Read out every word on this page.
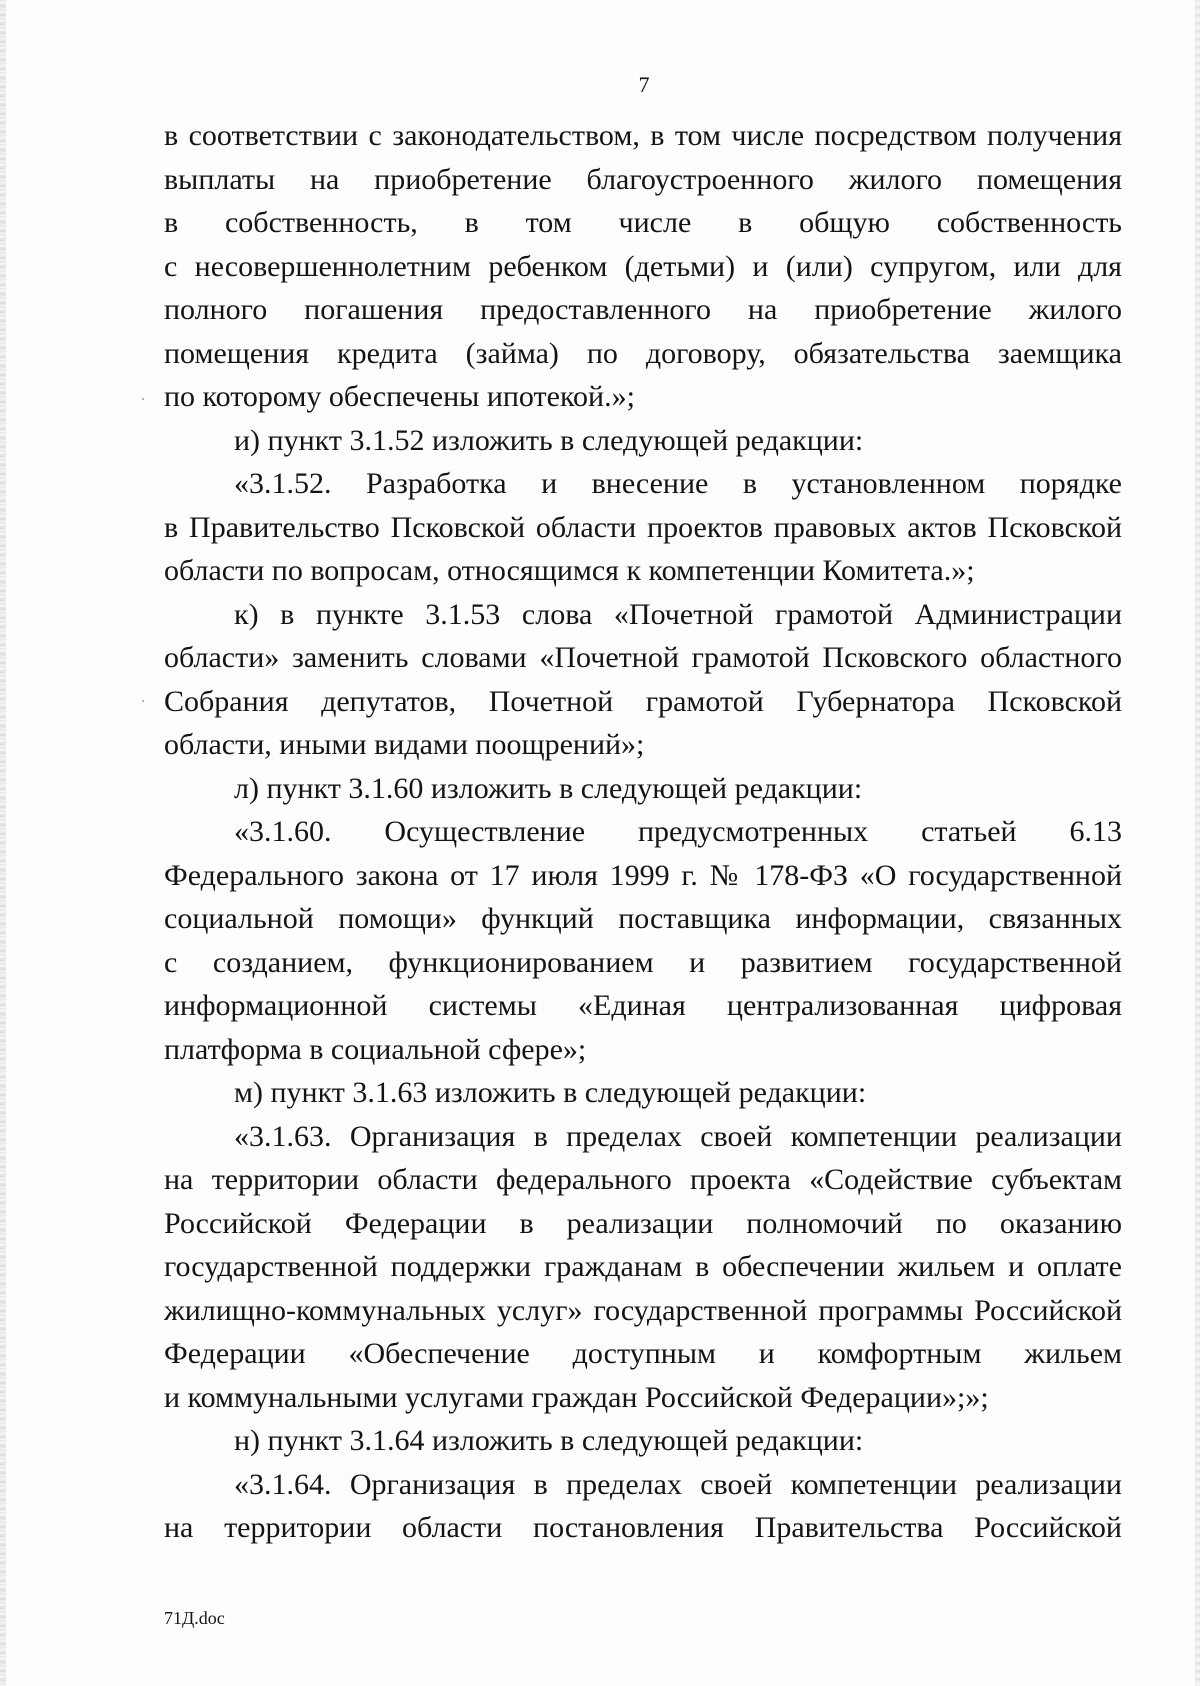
7
в соответствии с законодательством, в том числе посредством получения
выплаты на приобретение благоустроенного жилого помещения
в собственность, в том числе в общую собственность
с несовершеннолетним ребенком (детьми) и (или) супругом, или для
полного погашения предоставленного на приобретение жилого
помещения кредита (займа) по договору, обязательства заемщика
по которому обеспечены ипотекой.»;
и) пункт 3.1.52 изложить в следующей редакции:
«3.1.52. Разработка и внесение в установленном порядке
в Правительство Псковской области проектов правовых актов Псковской
области по вопросам, относящимся к компетенции Комитета.»;
к) в пункте 3.1.53 слова «Почетной грамотой Администрации
области» заменить словами «Почетной грамотой Псковского областного
Собрания депутатов, Почетной грамотой Губернатора Псковской
области, иными видами поощрений»;
л) пункт 3.1.60 изложить в следующей редакции:
«3.1.60. Осуществление предусмотренных статьей 6.13
Федерального закона от 17 июля 1999 г. № 178-ФЗ «О государственной
социальной помощи» функций поставщика информации, связанных
с созданием, функционированием и развитием государственной
информационной системы «Единая централизованная цифровая
платформа в социальной сфере»;
м) пункт 3.1.63 изложить в следующей редакции:
«3.1.63. Организация в пределах своей компетенции реализации
на территории области федерального проекта «Содействие субъектам
Российской Федерации в реализации полномочий по оказанию
государственной поддержки гражданам в обеспечении жильем и оплате
жилищно-коммунальных услуг» государственной программы Российской
Федерации «Обеспечение доступным и комфортным жильем
и коммунальными услугами граждан Российской Федерации»;»;
н) пункт 3.1.64 изложить в следующей редакции:
«3.1.64. Организация в пределах своей компетенции реализации
на территории области постановления Правительства Российской
71Д.doc
